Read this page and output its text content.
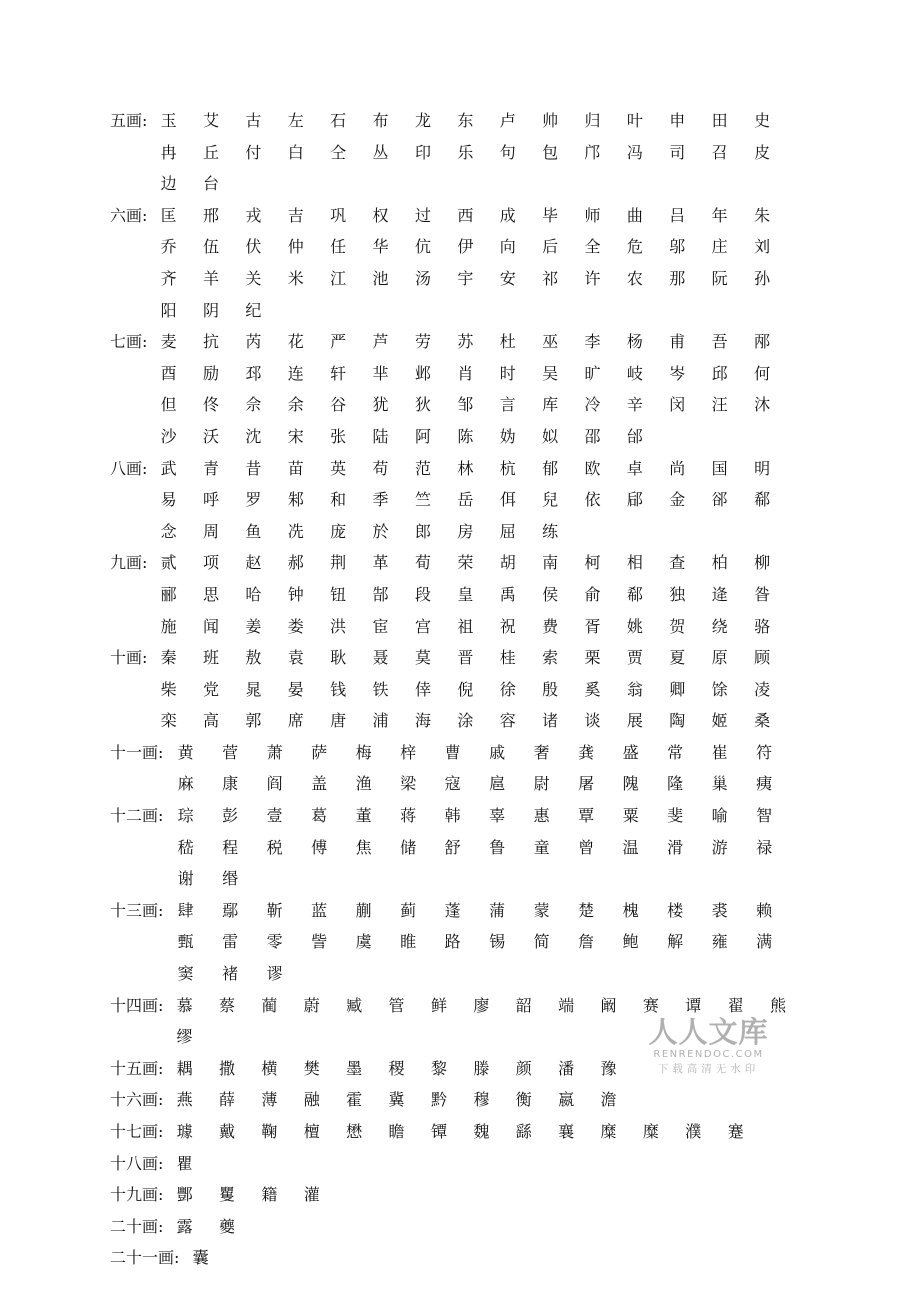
五画: 玉	艾	古	左	石	布	龙	东	卢	帅	归	叶	申	田	史
冉	丘	付	白	仝	丛	印	乐	句	包	邝	冯	司	召	皮
边	台
六画: 匡	邢	戎	吉	巩	权	过	西	成	毕	师	曲	吕	年	朱
乔	伍	伏	仲	任	华	伉	伊	向	后	全	危	邬	庄	刘
齐	羊	关	米	江	池	汤	宇	安	祁	许	农	那	阮	孙
阳	阴	纪
七画: 麦	抗	芮	花	严	芦	劳	苏	杜	巫	李	杨	甫	吾	邴
酉	励	邳	连	轩	芈	邺	肖	时	吴	旷	岐	岑	邱	何
但	佟	佘	余	谷	犹	狄	邹	言	库	冷	辛	闵	汪	沐
沙	沃	沈	宋	张	陆	阿	陈	妫	姒	邵	邰
八画: 武	青	昔	苗	英	苟	范	林	杭	郁	欧	卓	尚	国	明
易	呼	罗	邾	和	季	竺	岳	佴	兒	依	郈	金	郤	郗
念	周	鱼	冼	庞	於	郎	房	屈	练
九画: 贰	项	赵	郝	荆	革	荀	荣	胡	南	柯	相	查	柏	柳
郦	思	哈	钟	钮	郜	段	皇	禹	侯	俞	郗	独	逄	昝
施	闻	姜	娄	洪	宦	宫	祖	祝	费	胥	姚	贺	绕	骆
十画: 秦	班	敖	袁	耿	聂	莫	晋	桂	索	栗	贾	夏	原	顾
柴	党	晁	晏	钱	铁	倖	倪	徐	殷	奚	翁	卿	馀	凌
栾	高	郭	席	唐	浦	海	涂	容	诸	谈	展	陶	姬	桑
十一画: 黄	菅	萧	萨	梅	梓	曹	戚	奢	龚	盛	常	崔	符
麻	康	阎	盖	渔	梁	寇	扈	尉	屠	隗	隆	巢	痍
十二画: 琮	彭	壹	葛	董	蒋	韩	辜	惠	覃	粟	斐	喻	智
嵇	程	税	傅	焦	储	舒	鲁	童	曾	温	滑	游	禄
谢	缗
十三画: 肆	鄢	靳	蓝	蒯	蓟	蓬	蒲	蒙	楚	槐	楼	裘	赖
甄	雷	零	訾	虞	睢	路	锡	简	詹	鲍	解	雍	满
窦	褚	谬
十四画: 慕	蔡	蔺	蔚	臧	管	鲜	廖	韶	端	阚	赛	谭	翟	熊
缪
十五画: 耦	撒	横	樊	墨	稷	黎	滕	颜	潘	豫
十六画: 燕	薛	薄	融	霍	冀	黔	穆	衡	嬴	澹
十七画: 璩	戴	鞠	檀	懋	瞻	镡	魏	繇	襄	糜	糜	濮	蹇
十八画: 瞿
十九画: 酆	矍	籍	灌
二十画: 露	夔
二十一画: 囊
人人文库
RENRENDOC.COM
下载高清无水印
